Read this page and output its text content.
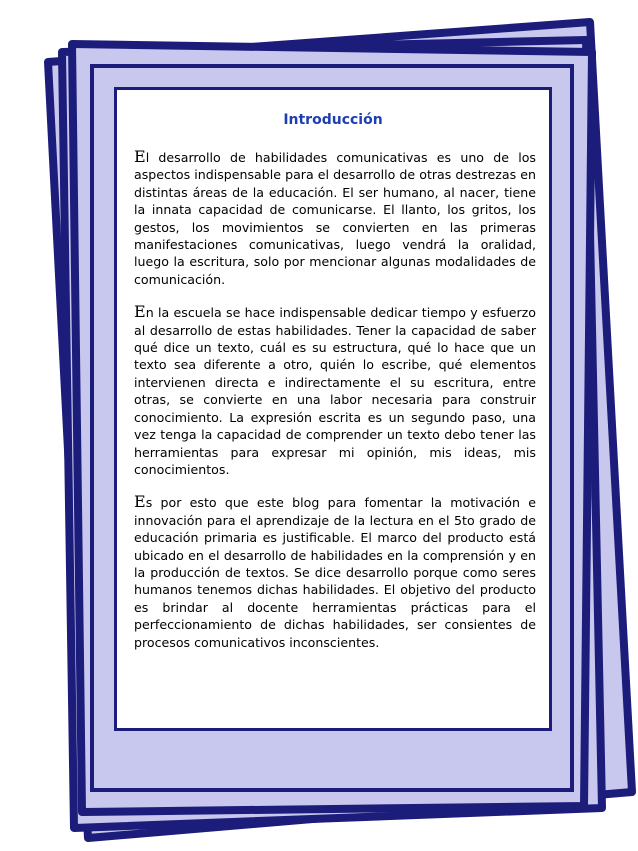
Introducción

El desarrollo de habilidades comunicativas es uno de los aspectos indispensable para el desarrollo de otras destrezas en distintas áreas de la educación. El ser humano, al nacer, tiene la innata capacidad de comunicarse. El llanto, los gritos, los gestos, los movimientos se convierten en las primeras manifestaciones comunicativas, luego vendrá la oralidad, luego la escritura, solo por mencionar algunas modalidades de comunicación.

En la escuela se hace indispensable dedicar tiempo y esfuerzo al desarrollo de estas habilidades. Tener la capacidad de saber qué dice un texto, cuál es su estructura, qué lo hace que un texto sea diferente a otro, quién lo escribe, qué elementos intervienen directa e indirectamente el su escritura, entre otras, se convierte en una labor necesaria para construir conocimiento. La expresión escrita es un segundo paso, una vez tenga la capacidad de comprender un texto debo tener las herramientas para expresar mi opinión, mis ideas, mis conocimientos.

Es por esto que este blog para fomentar la motivación e innovación para el aprendizaje de la lectura en el 5to grado de educación primaria es justificable. El marco del producto está ubicado en el desarrollo de habilidades en la comprensión y en la producción de textos. Se dice desarrollo porque como seres humanos tenemos dichas habilidades. El objetivo del producto es brindar al docente herramientas prácticas para el perfeccionamiento de dichas habilidades, ser consientes de procesos comunicativos inconscientes.
